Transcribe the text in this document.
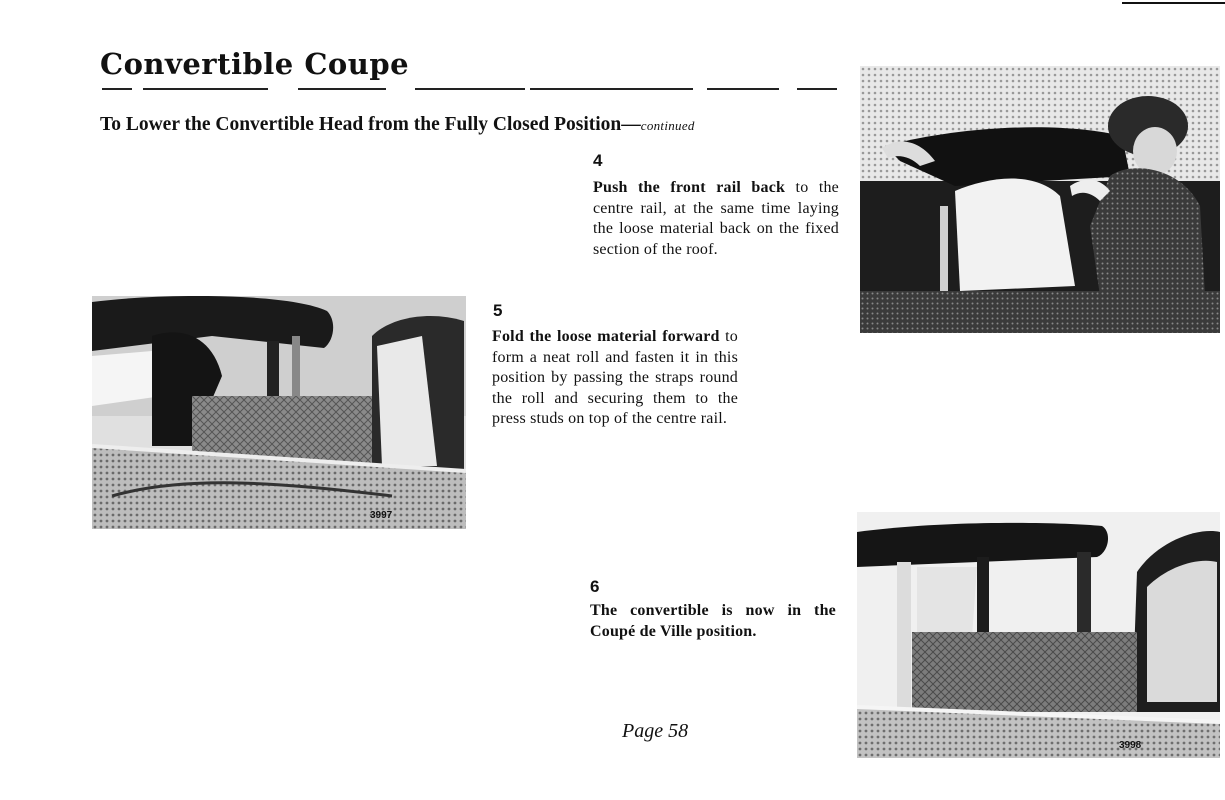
Convertible Coupe
To Lower the Convertible Head from the Fully Closed Position—continued
4
Push the front rail back to the centre rail, at the same time laying the loose material back on the fixed section of the roof.
3997
5
Fold the loose material forward to form a neat roll and fasten it in this position by passing the straps round the roll and securing them to the press studs on top of the centre rail.
6
The convertible is now in the Coupé de Ville position.
3998
Page 58
